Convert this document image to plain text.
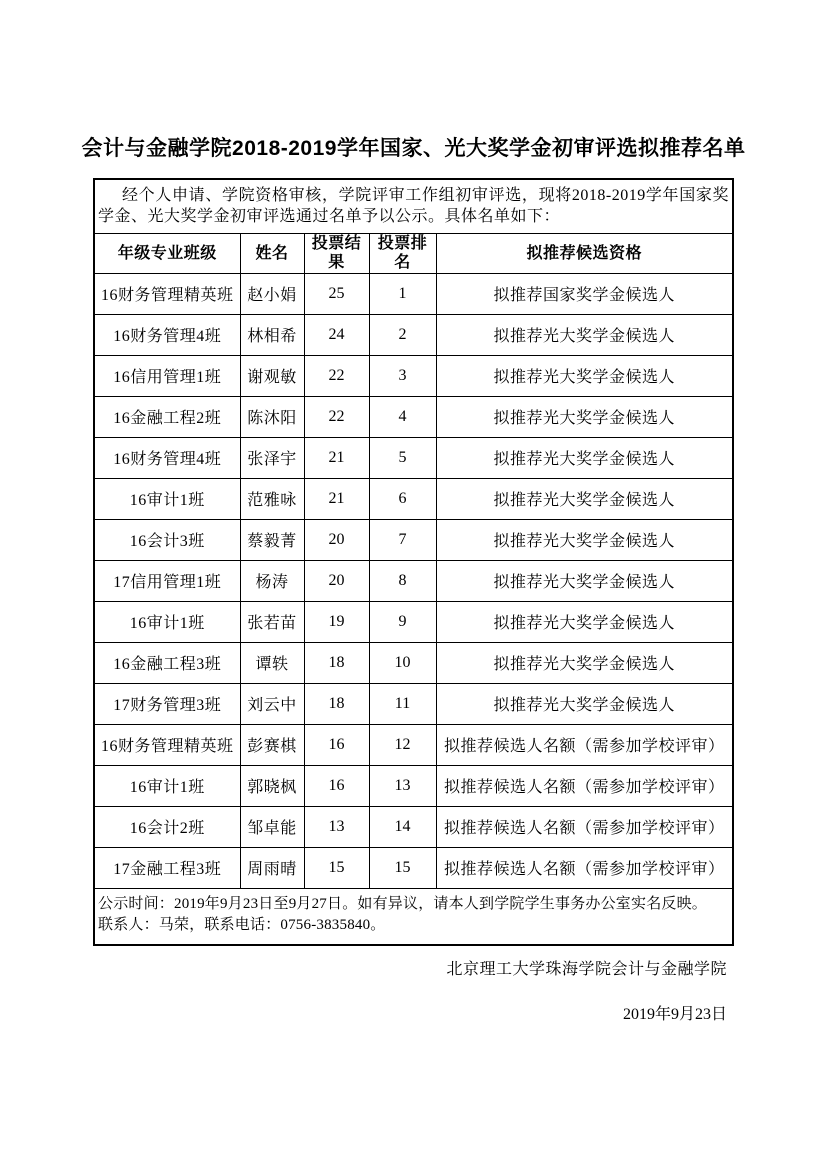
会计与金融学院2018-2019学年国家、光大奖学金初审评选拟推荐名单

经个人申请、学院资格审核，学院评审工作组初审评选，现将2018-2019学年国家奖学金、光大奖学金初审评选通过名单予以公示。具体名单如下：				

年级专业班级	姓名	投票结果	投票排名	拟推荐候选资格
16财务管理精英班	赵小娟	25	1	拟推荐国家奖学金候选人
16财务管理4班	林相希	24	2	拟推荐光大奖学金候选人
16信用管理1班	谢观敏	22	3	拟推荐光大奖学金候选人
16金融工程2班	陈沐阳	22	4	拟推荐光大奖学金候选人
16财务管理4班	张泽宇	21	5	拟推荐光大奖学金候选人
16审计1班	范雅咏	21	6	拟推荐光大奖学金候选人
16会计3班	蔡毅菁	20	7	拟推荐光大奖学金候选人
17信用管理1班	杨涛	20	8	拟推荐光大奖学金候选人
16审计1班	张若苗	19	9	拟推荐光大奖学金候选人
16金融工程3班	谭轶	18	10	拟推荐光大奖学金候选人
17财务管理3班	刘云中	18	11	拟推荐光大奖学金候选人
16财务管理精英班	彭赛棋	16	12	拟推荐候选人名额（需参加学校评审）
16审计1班	郭晓枫	16	13	拟推荐候选人名额（需参加学校评审）
16会计2班	邹卓能	13	14	拟推荐候选人名额（需参加学校评审）
17金融工程3班	周雨晴	15	15	拟推荐候选人名额（需参加学校评审）

公示时间：2019年9月23日至9月27日。如有异议，请本人到学院学生事务办公室实名反映。
联系人：马荣，联系电话：0756-3835840。				
北京理工大学珠海学院会计与金融学院
2019年9月23日
